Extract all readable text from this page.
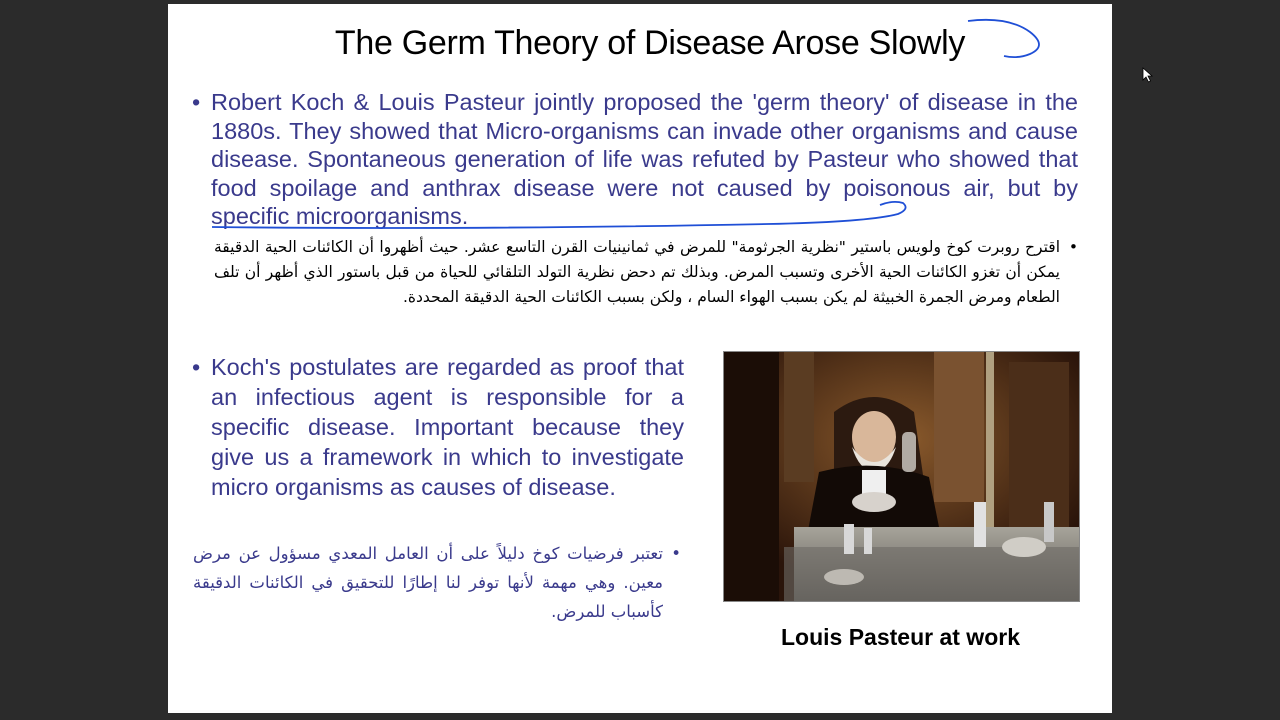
The Germ Theory of Disease Arose Slowly
• Robert Koch & Louis Pasteur jointly proposed the 'germ theory' of disease in the 1880s. They showed that Micro-organisms can invade other organisms and cause disease. Spontaneous generation of life was refuted by Pasteur who showed that food spoilage and anthrax disease were not caused by poisonous air, but by specific microorganisms.
•
اقترح روبرت كوخ ولويس باستير "نظرية الجرثومة" للمرض في ثمانينيات القرن التاسع عشر. حيث أظهروا أن الكائنات الحية الدقيقة يمكن أن تغزو الكائنات الحية الأخرى وتسبب المرض. وبذلك تم دحض نظرية التولد التلقائي للحياة من قبل باستور الذي أظهر أن تلف الطعام ومرض الجمرة الخبيثة لم يكن بسبب الهواء السام ، ولكن بسبب الكائنات الحية الدقيقة المحددة.
• Koch's postulates are regarded as proof that an infectious agent is responsible for a specific disease. Important because they give us a framework in which to investigate micro organisms as causes of disease.
•
تعتبر فرضيات كوخ دليلاً على أن العامل المعدي مسؤول عن مرض معين. وهي مهمة لأنها توفر لنا إطارًا للتحقيق في الكائنات الدقيقة كأسباب للمرض.
Louis Pasteur at work
